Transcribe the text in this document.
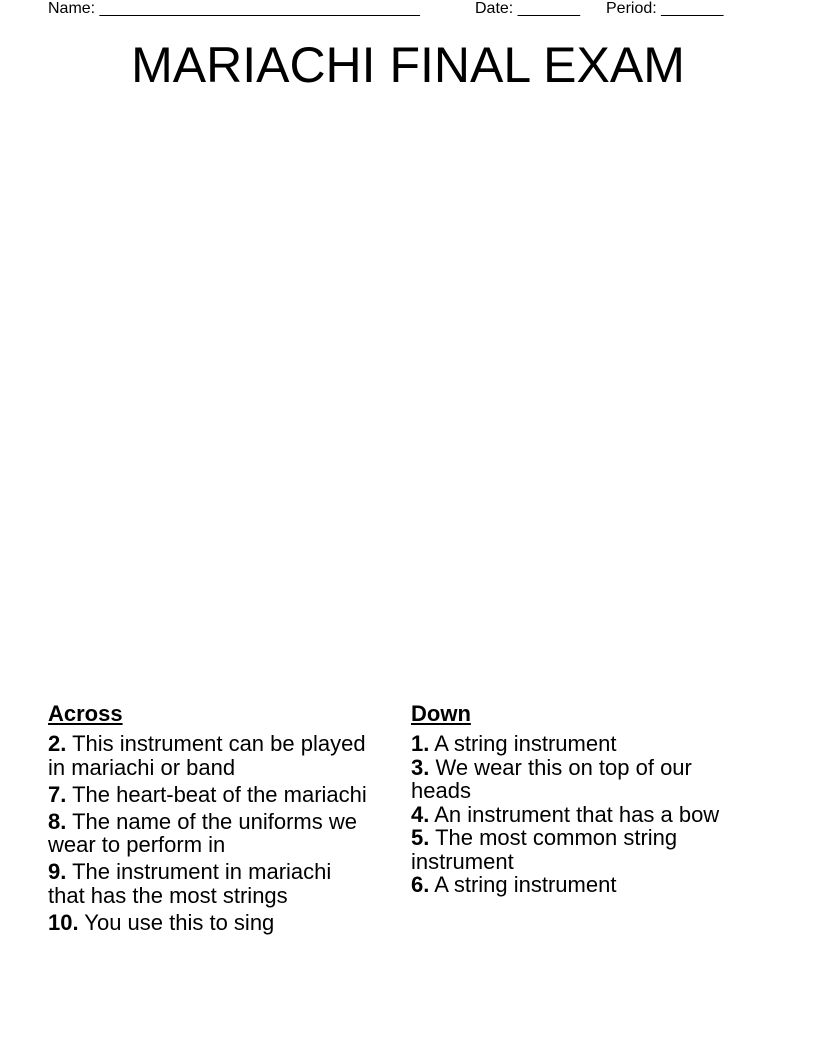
Name: ____________________________________	Date: _______ Period: _______
MARIACHI FINAL EXAM
Across

2. This instrument can be played in mariachi or band

7. The heart-beat of the mariachi

8. The name of the uniforms we wear to perform in

9. The instrument in mariachi that has the most strings

10. You use this to sing

Down

1. A string instrument

3. We wear this on top of our heads

4. An instrument that has a bow

5. The most common string instrument

6. A string instrument
